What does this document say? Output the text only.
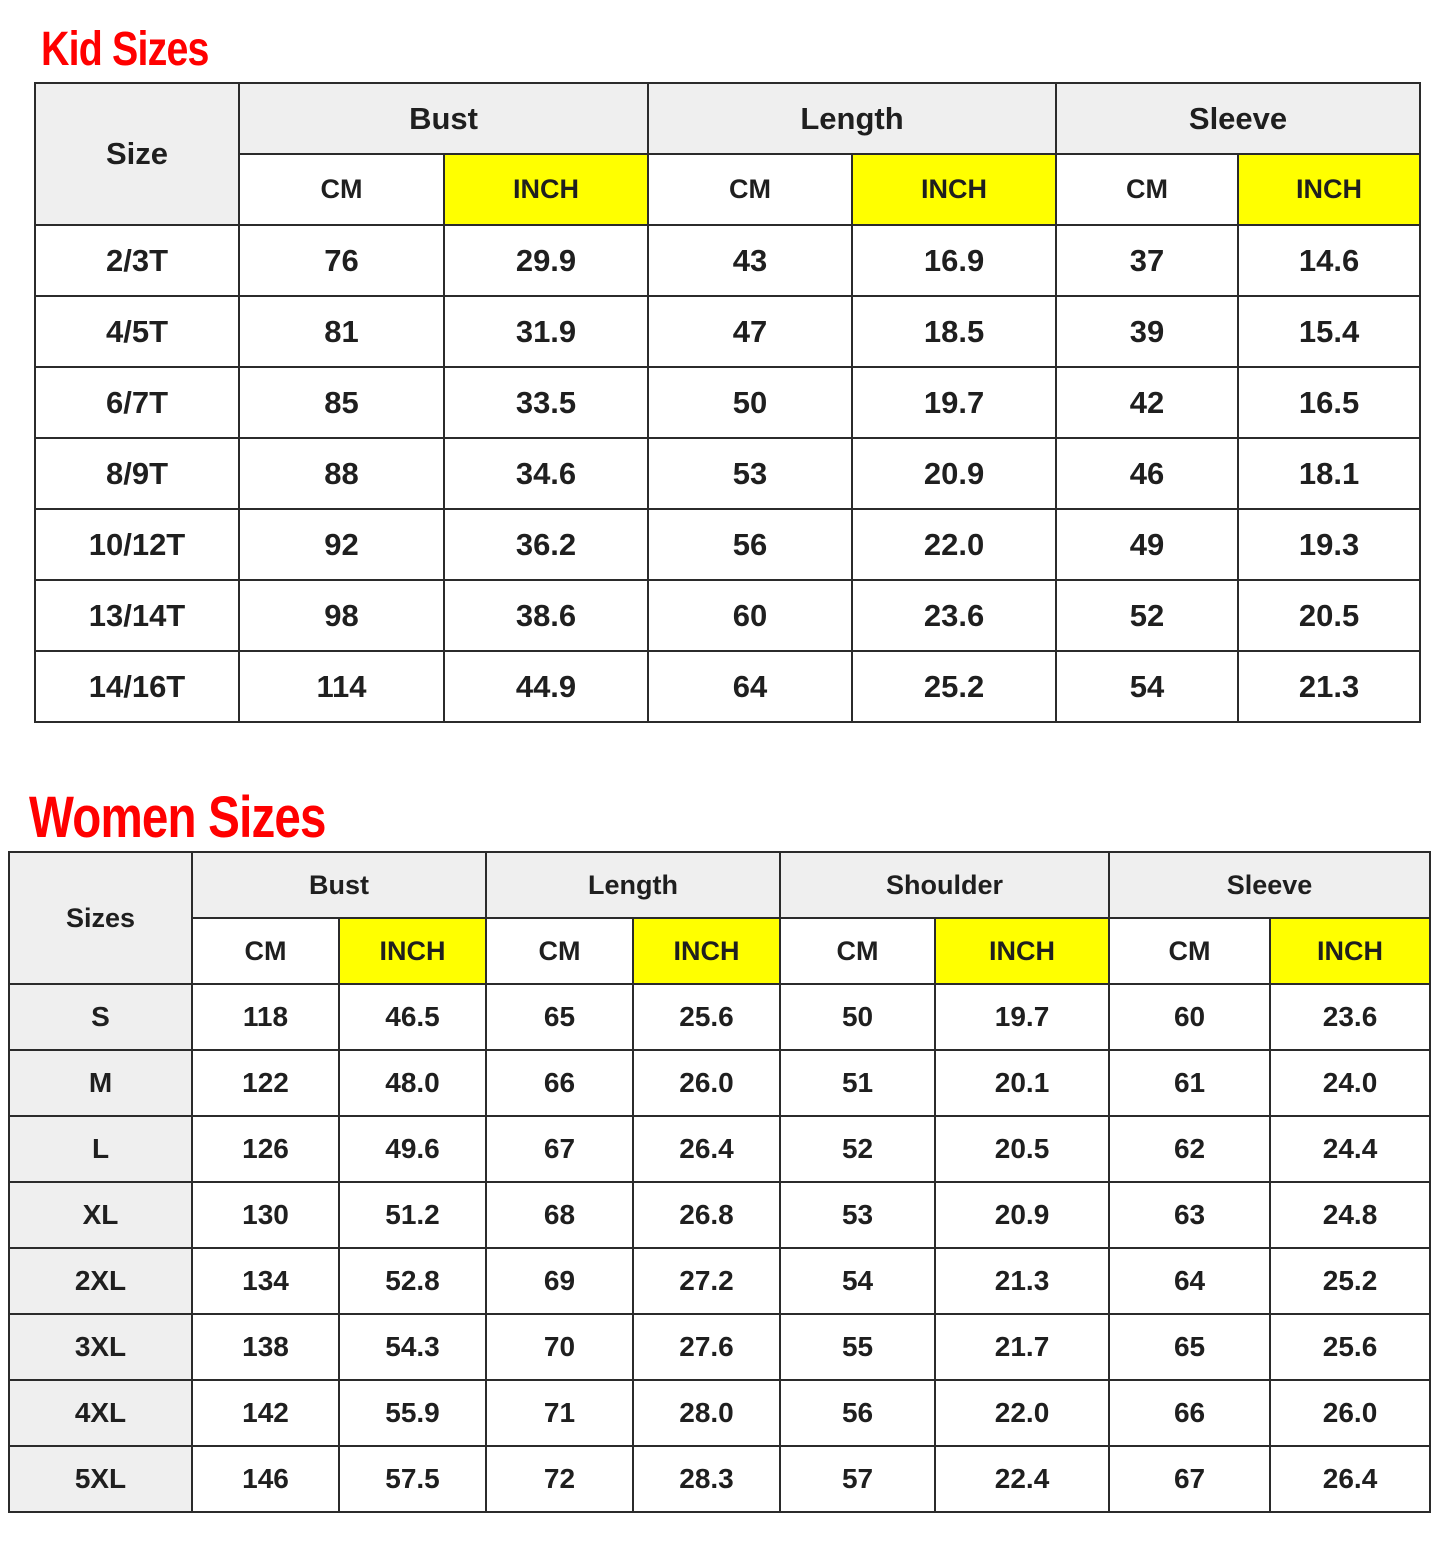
Kid Sizes
Size	Bust		Length		Sleeve	
	CM	INCH	CM	INCH	CM	INCH
2/3T	76	29.9	43	16.9	37	14.6
4/5T	81	31.9	47	18.5	39	15.4
6/7T	85	33.5	50	19.7	42	16.5
8/9T	88	34.6	53	20.9	46	18.1
10/12T	92	36.2	56	22.0	49	19.3
13/14T	98	38.6	60	23.6	52	20.5
14/16T	114	44.9	64	25.2	54	21.3
Women Sizes
Sizes	Bust		Length		Shoulder		Sleeve	
	CM	INCH	CM	INCH	CM	INCH	CM	INCH
S	118	46.5	65	25.6	50	19.7	60	23.6
M	122	48.0	66	26.0	51	20.1	61	24.0
L	126	49.6	67	26.4	52	20.5	62	24.4
XL	130	51.2	68	26.8	53	20.9	63	24.8
2XL	134	52.8	69	27.2	54	21.3	64	25.2
3XL	138	54.3	70	27.6	55	21.7	65	25.6
4XL	142	55.9	71	28.0	56	22.0	66	26.0
5XL	146	57.5	72	28.3	57	22.4	67	26.4
